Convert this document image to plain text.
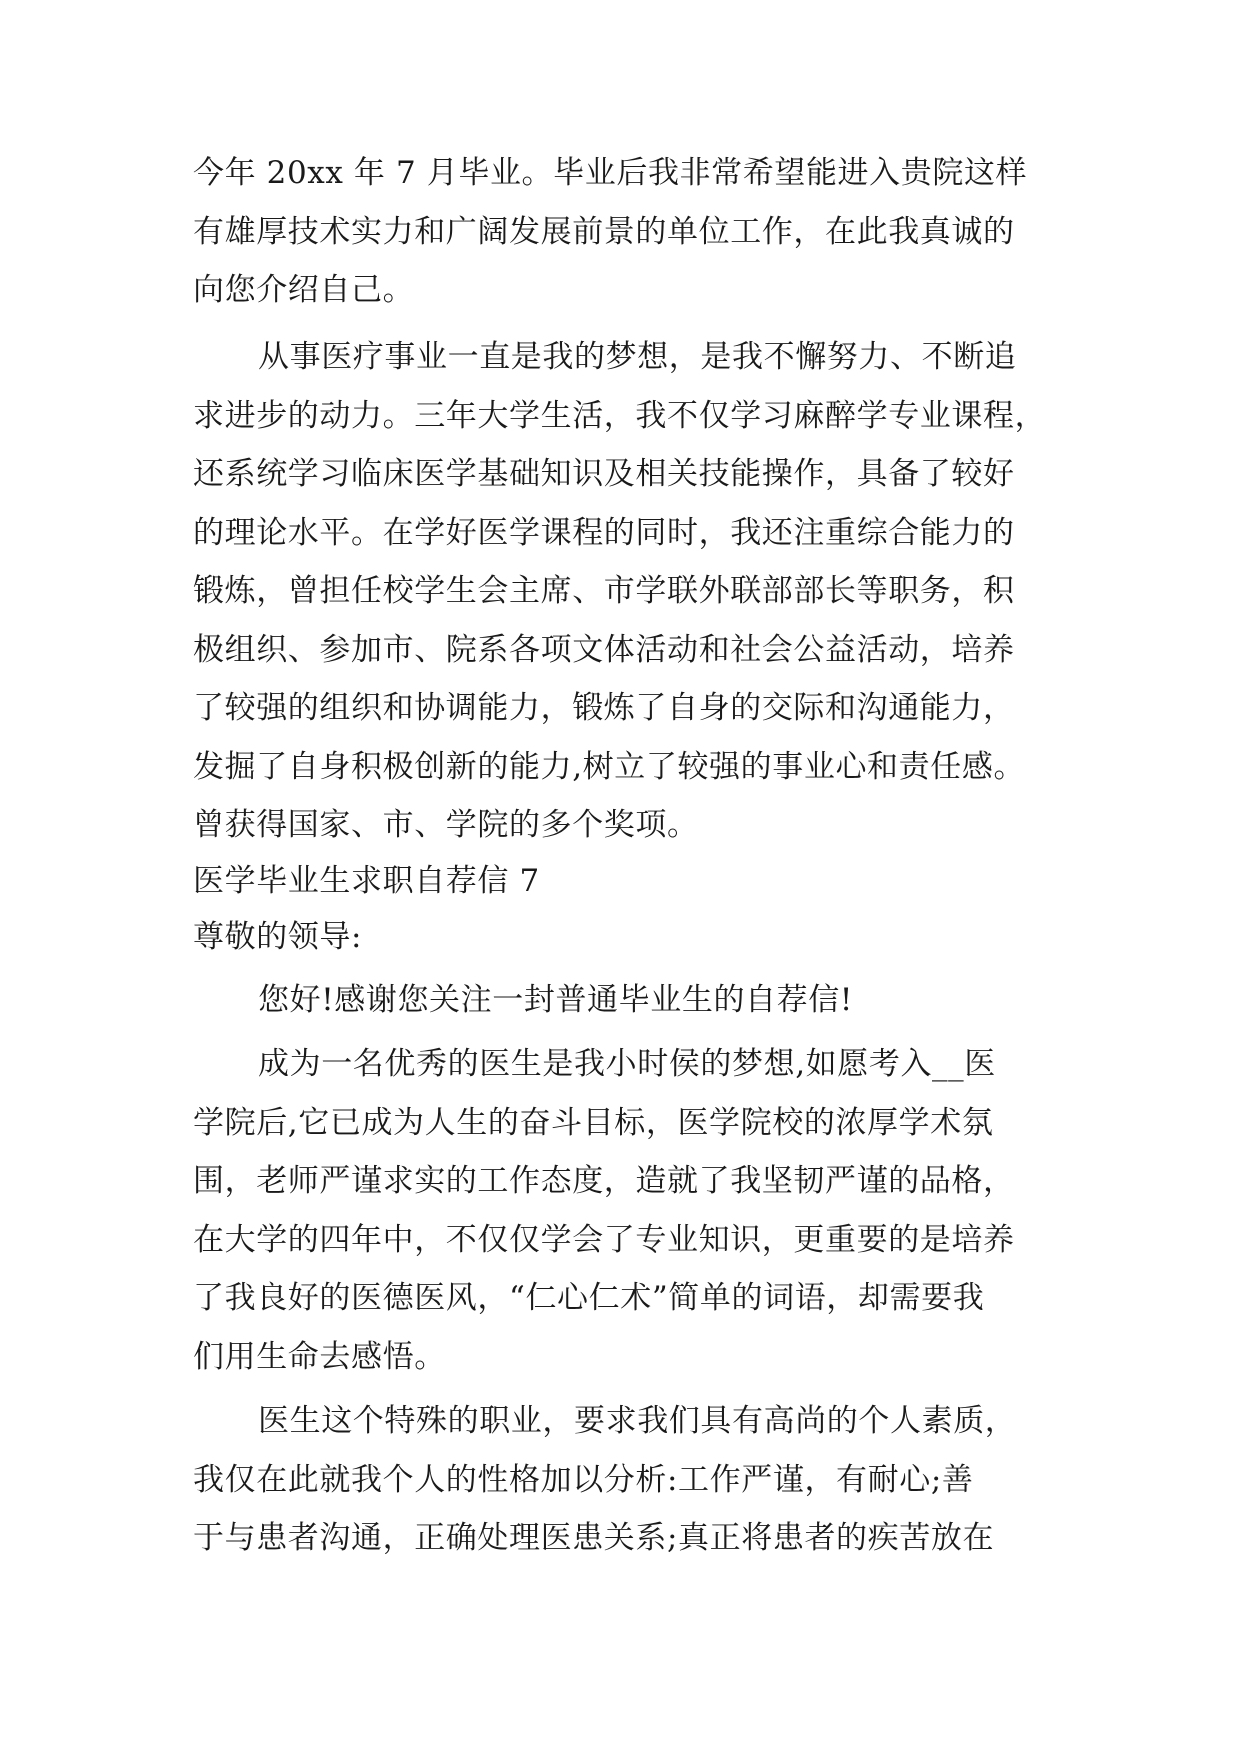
今年 20xx 年 7 月毕业。毕业后我非常希望能进入贵院这样
有雄厚技术实力和广阔发展前景的单位工作，在此我真诚的
向您介绍自己。
从事医疗事业一直是我的梦想，是我不懈努力、不断追
求进步的动力。三年大学生活，我不仅学习麻醉学专业课程，
还系统学习临床医学基础知识及相关技能操作，具备了较好
的理论水平。在学好医学课程的同时，我还注重综合能力的
锻炼，曾担任校学生会主席、市学联外联部部长等职务，积
极组织、参加市、院系各项文体活动和社会公益活动，培养
了较强的组织和协调能力，锻炼了自身的交际和沟通能力，
发掘了自身积极创新的能力,树立了较强的事业心和责任感。
曾获得国家、市、学院的多个奖项。
医学毕业生求职自荐信 7
尊敬的领导:
您好!感谢您关注一封普通毕业生的自荐信!
成为一名优秀的医生是我小时侯的梦想,如愿考入__医
学院后,它已成为人生的奋斗目标，医学院校的浓厚学术氛
围，老师严谨求实的工作态度，造就了我坚韧严谨的品格，
在大学的四年中，不仅仅学会了专业知识，更重要的是培养
了我良好的医德医风，“仁心仁术”简单的词语，却需要我
们用生命去感悟。
医生这个特殊的职业，要求我们具有高尚的个人素质，
我仅在此就我个人的性格加以分析:工作严谨，有耐心;善
于与患者沟通，正确处理医患关系;真正将患者的疾苦放在
